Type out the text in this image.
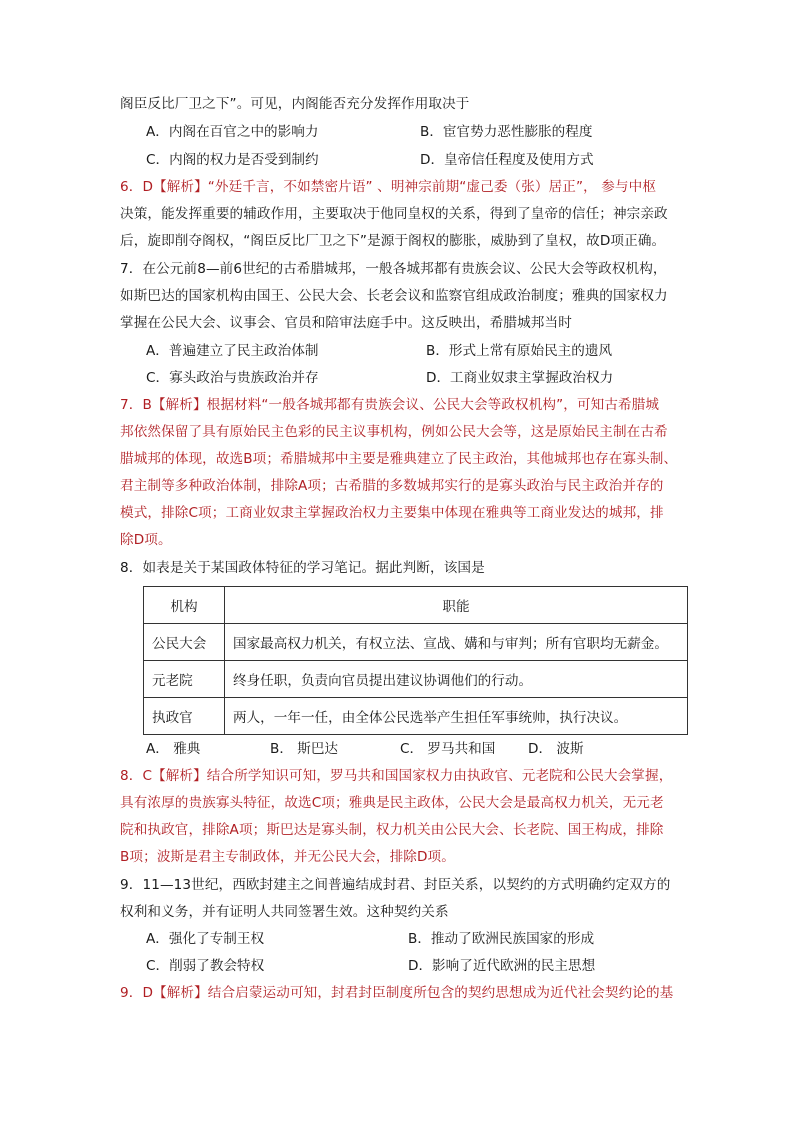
阁臣反比厂卫之下”。可见，内阁能否充分发挥作用取决于
A．内阁在百官之中的影响力	B．宦官势力恶性膨胀的程度
C．内阁的权力是否受到制约	D．皇帝信任程度及使用方式
6．D【解析】“外廷千言，不如禁密片语” 、明神宗前期“虚己委（张）居正”， 参与中枢
决策，能发挥重要的辅政作用，主要取决于他同皇权的关系，得到了皇帝的信任；神宗亲政
后，旋即削夺阁权，“阁臣反比厂卫之下”是源于阁权的膨胀，威胁到了皇权，故D项正确。
7．在公元前8—前6世纪的古希腊城邦，一般各城邦都有贵族会议、公民大会等政权机构，
如斯巴达的国家机构由国王、公民大会、长老会议和监察官组成政治制度；雅典的国家权力
掌握在公民大会、议事会、官员和陪审法庭手中。这反映出，希腊城邦当时
A．普遍建立了民主政治体制	B．形式上常有原始民主的遗风
C．寡头政治与贵族政治并存	D．工商业奴隶主掌握政治权力
7．B【解析】根据材料“一般各城邦都有贵族会议、公民大会等政权机构”，可知古希腊城
邦依然保留了具有原始民主色彩的民主议事机构，例如公民大会等，这是原始民主制在古希
腊城邦的体现，故选B项；希腊城邦中主要是雅典建立了民主政治，其他城邦也存在寡头制、
君主制等多种政治体制，排除A项；古希腊的多数城邦实行的是寡头政治与民主政治并存的
模式，排除C项；工商业奴隶主掌握政治权力主要集中体现在雅典等工商业发达的城邦，排
除D项。
8．如表是关于某国政体特征的学习笔记。据此判断，该国是
机构	职能
公民大会	国家最高权力机关，有权立法、宣战、媾和与审判；所有官职均无薪金。
元老院	终身任职，负责向官员提出建议协调他们的行动。
执政官	两人，一年一任，由全体公民选举产生担任军事统帅，执行决议。
A． 雅典	B． 斯巴达	C． 罗马共和国 D． 波斯
8．C【解析】结合所学知识可知，罗马共和国国家权力由执政官、元老院和公民大会掌握，
具有浓厚的贵族寡头特征，故选C项；雅典是民主政体，公民大会是最高权力机关，无元老
院和执政官，排除A项；斯巴达是寡头制，权力机关由公民大会、长老院、国王构成，排除
B项；波斯是君主专制政体，并无公民大会，排除D项。
9．11—13世纪，西欧封建主之间普遍结成封君、封臣关系，以契约的方式明确约定双方的
权利和义务，并有证明人共同签署生效。这种契约关系
A．强化了专制王权	B．推动了欧洲民族国家的形成
C．削弱了教会特权	D．影响了近代欧洲的民主思想
9．D【解析】结合启蒙运动可知，封君封臣制度所包含的契约思想成为近代社会契约论的基
